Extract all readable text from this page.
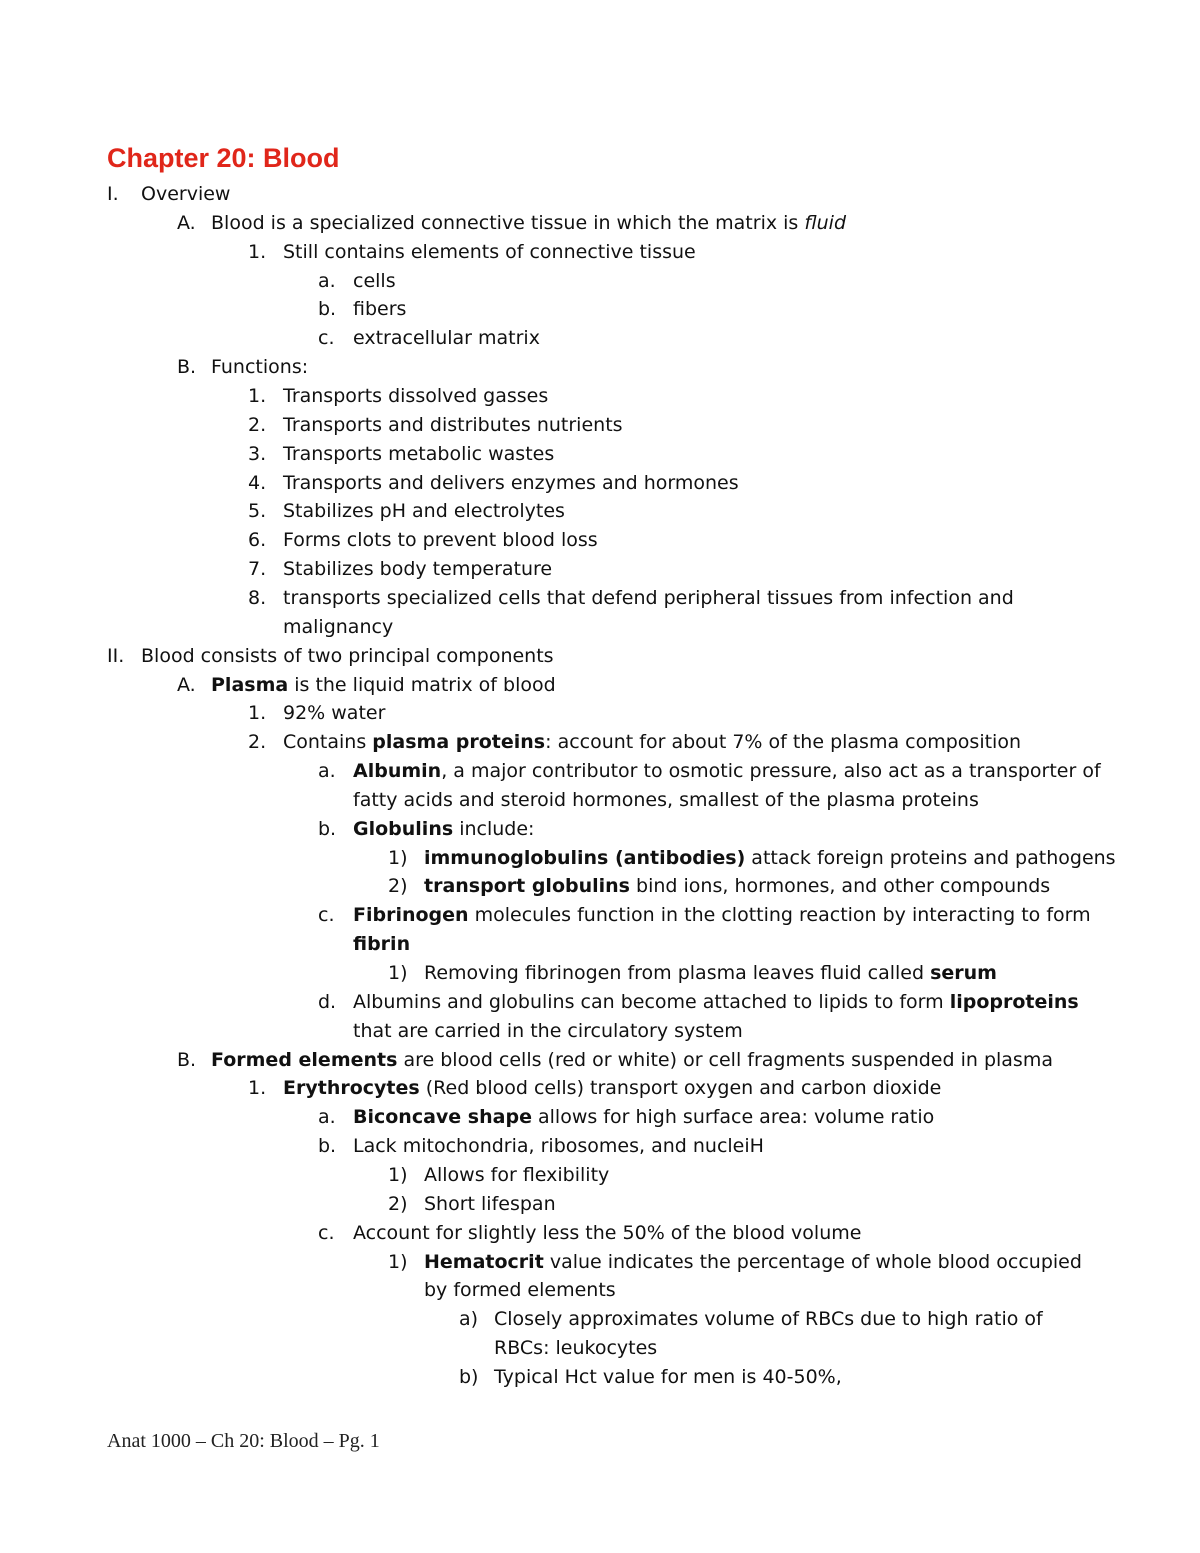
Chapter 20: Blood
I. Overview
A. Blood is a specialized connective tissue in which the matrix is fluid
1. Still contains elements of connective tissue
a. cells
b. fibers
c. extracellular matrix
B. Functions:
1. Transports dissolved gasses
2. Transports and distributes nutrients
3. Transports metabolic wastes
4. Transports and delivers enzymes and hormones
5. Stabilizes pH and electrolytes
6. Forms clots to prevent blood loss
7. Stabilizes body temperature
8. transports specialized cells that defend peripheral tissues from infection and
malignancy
II. Blood consists of two principal components
A. Plasma is the liquid matrix of blood
1. 92% water
2. Contains plasma proteins: account for about 7% of the plasma composition
a. Albumin, a major contributor to osmotic pressure, also act as a transporter of
fatty acids and steroid hormones, smallest of the plasma proteins
b. Globulins include:
1) immunoglobulins (antibodies) attack foreign proteins and pathogens
2) transport globulins bind ions, hormones, and other compounds
c. Fibrinogen molecules function in the clotting reaction by interacting to form
fibrin
1) Removing fibrinogen from plasma leaves fluid called serum
d. Albumins and globulins can become attached to lipids to form lipoproteins
that are carried in the circulatory system
B. Formed elements are blood cells (red or white) or cell fragments suspended in plasma
1. Erythrocytes (Red blood cells) transport oxygen and carbon dioxide
a. Biconcave shape allows for high surface area: volume ratio
b. Lack mitochondria, ribosomes, and nucleiH
1) Allows for flexibility
2) Short lifespan
c. Account for slightly less the 50% of the blood volume
1) Hematocrit value indicates the percentage of whole blood occupied
by formed elements
a) Closely approximates volume of RBCs due to high ratio of
RBCs: leukocytes
b) Typical Hct value for men is 40-50%,
Anat 1000 – Ch 20: Blood – Pg. 1
